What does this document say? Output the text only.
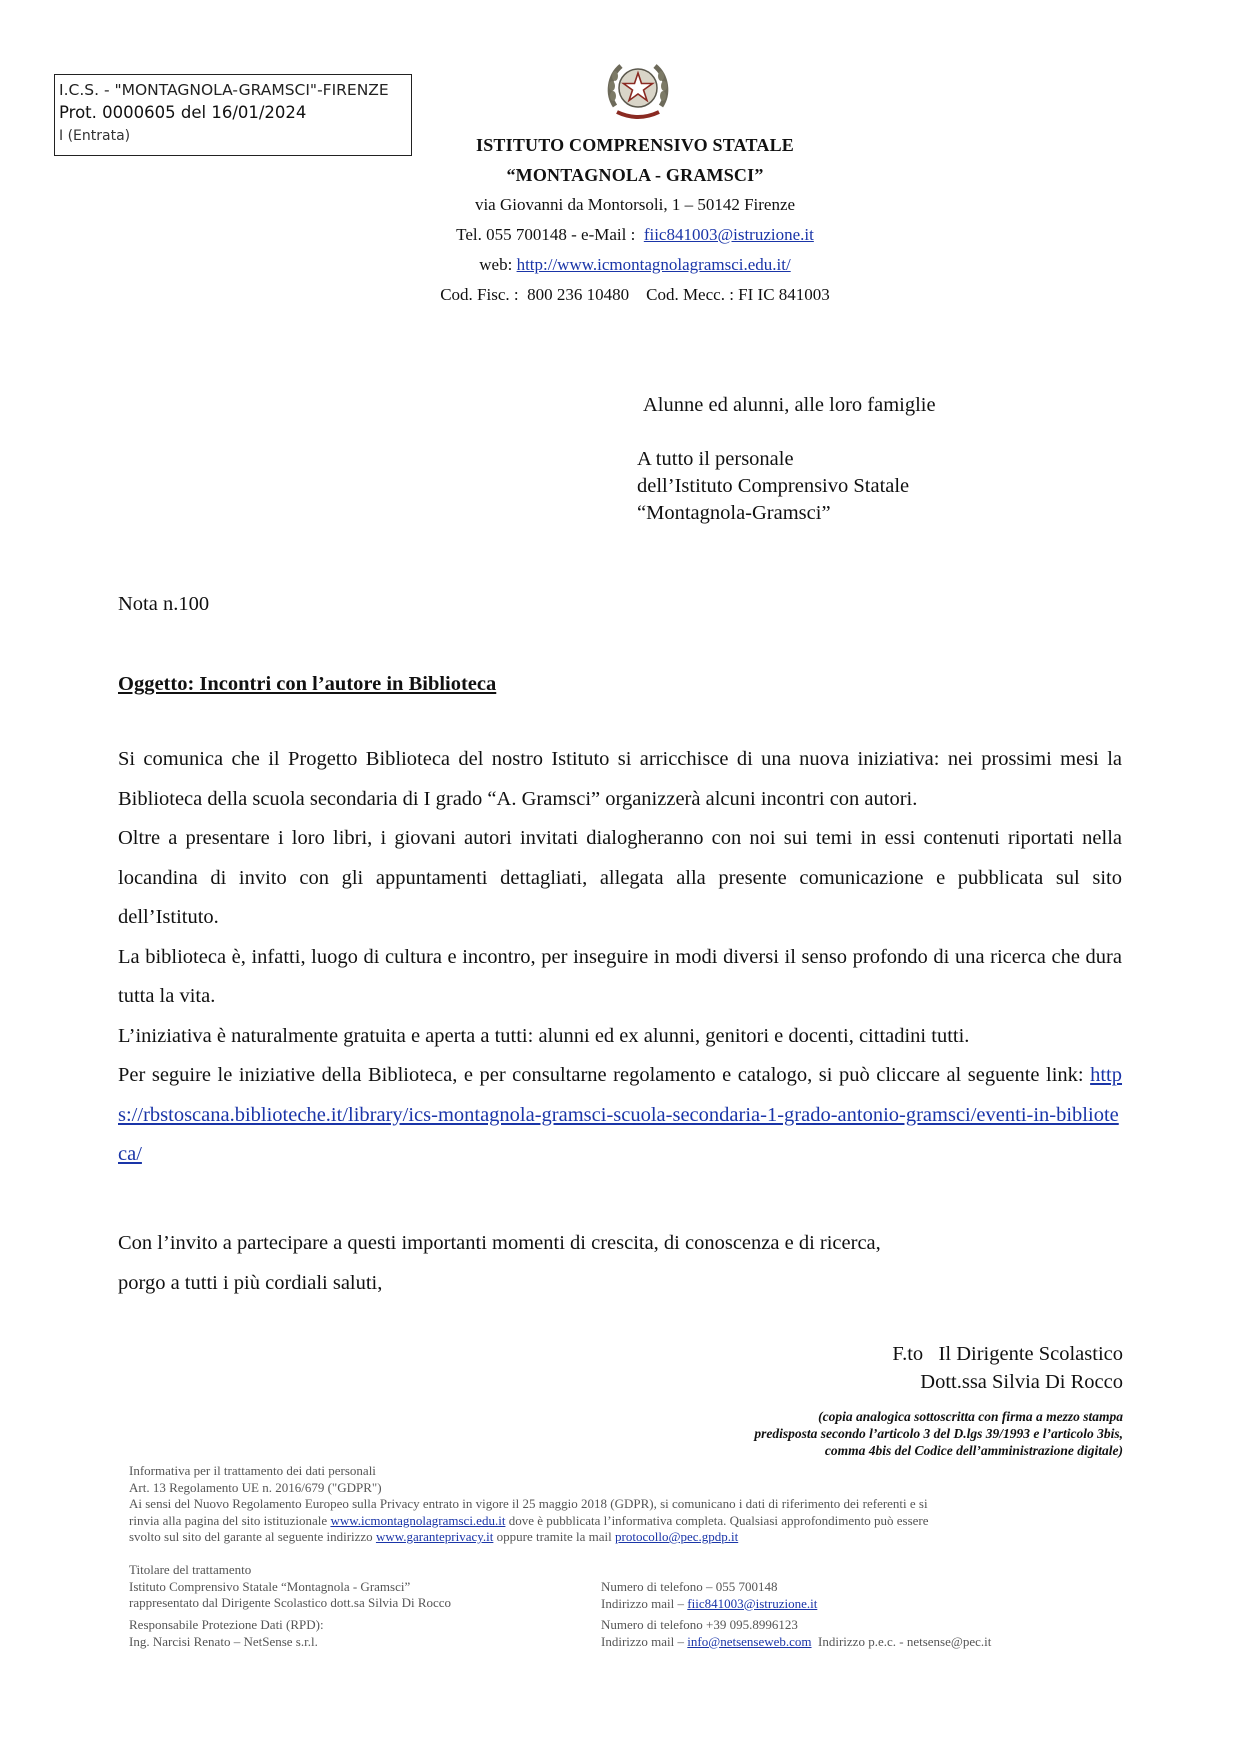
I.C.S. - "MONTAGNOLA-GRAMSCI"-FIRENZE
Prot. 0000605 del 16/01/2024
I (Entrata)	ISTITUTO COMPRENSIVO STATALE
“MONTAGNOLA - GRAMSCI”
via Giovanni da Montorsoli, 1 – 50142 Firenze
Tel. 055 700148 - e-Mail : fiic841003@istruzione.it
web: http://www.icmontagnolagramsci.edu.it/
Cod. Fisc. :  800 236 10480    Cod. Mecc. : FI IC 841003
Alunne ed alunni, alle loro famiglie
A tutto il personale
dell’Istituto Comprensivo Statale
“Montagnola-Gramsci”
Nota n.100
Oggetto: Incontri con l’autore in Biblioteca

Si comunica che il Progetto Biblioteca del nostro Istituto si arricchisce di una nuova iniziativa: nei prossimi mesi la Biblioteca della scuola secondaria di I grado “A. Gramsci” organizzerà alcuni incontri con autori.

Oltre a presentare i loro libri, i giovani autori invitati dialogheranno con noi sui temi in essi contenuti riportati nella locandina di invito con gli appuntamenti dettagliati, allegata alla presente comunicazione e pubblicata sul sito dell’Istituto.

La biblioteca è, infatti, luogo di cultura e incontro, per inseguire in modi diversi il senso profondo di una ricerca che dura tutta la vita.

L’iniziativa è naturalmente gratuita e aperta a tutti: alunni ed ex alunni, genitori e docenti, cittadini tutti.

Per seguire le iniziative della Biblioteca, e per consultarne regolamento e catalogo, si può cliccare al seguente link: https://rbstoscana.biblioteche.it/library/ics-montagnola-gramsci-scuola-secondaria-1-grado-antonio-gramsci/eventi-in-biblioteca/

Con l’invito a partecipare a questi importanti momenti di crescita, di conoscenza e di ricerca,

porgo a tutti i più cordiali saluti,

F.to   Il Dirigente Scolastico
Dott.ssa Silvia Di Rocco
(copia analogica sottoscritta con firma a mezzo stampa
predisposta secondo l’articolo 3 del D.lgs 39/1993 e l’articolo 3bis,
comma 4bis del Codice dell’amministrazione digitale)
Informativa per il trattamento dei dati personali
Art. 13 Regolamento UE n. 2016/679 ("GDPR")
Ai sensi del Nuovo Regolamento Europeo sulla Privacy entrato in vigore il 25 maggio 2018 (GDPR), si comunicano i dati di riferimento dei referenti e si
rinvia alla pagina del sito istituzionale www.icmontagnolagramsci.edu.it dove è pubblicata l’informativa completa. Qualsiasi approfondimento può essere
svolto sul sito del garante al seguente indirizzo www.garanteprivacy.it oppure tramite la mail protocollo@pec.gpdp.it
Titolare del trattamento
Istituto Comprensivo Statale “Montagnola - Gramsci”
rappresentato dal Dirigente Scolastico dott.sa Silvia Di Rocco
Numero di telefono – 055 700148
Indirizzo mail – fiic841003@istruzione.it
Responsabile Protezione Dati (RPD):
Ing. Narcisi Renato – NetSense s.r.l.
Numero di telefono +39 095.8996123
Indirizzo mail – info@netsenseweb.com Indirizzo p.e.c. - netsense@pec.it
